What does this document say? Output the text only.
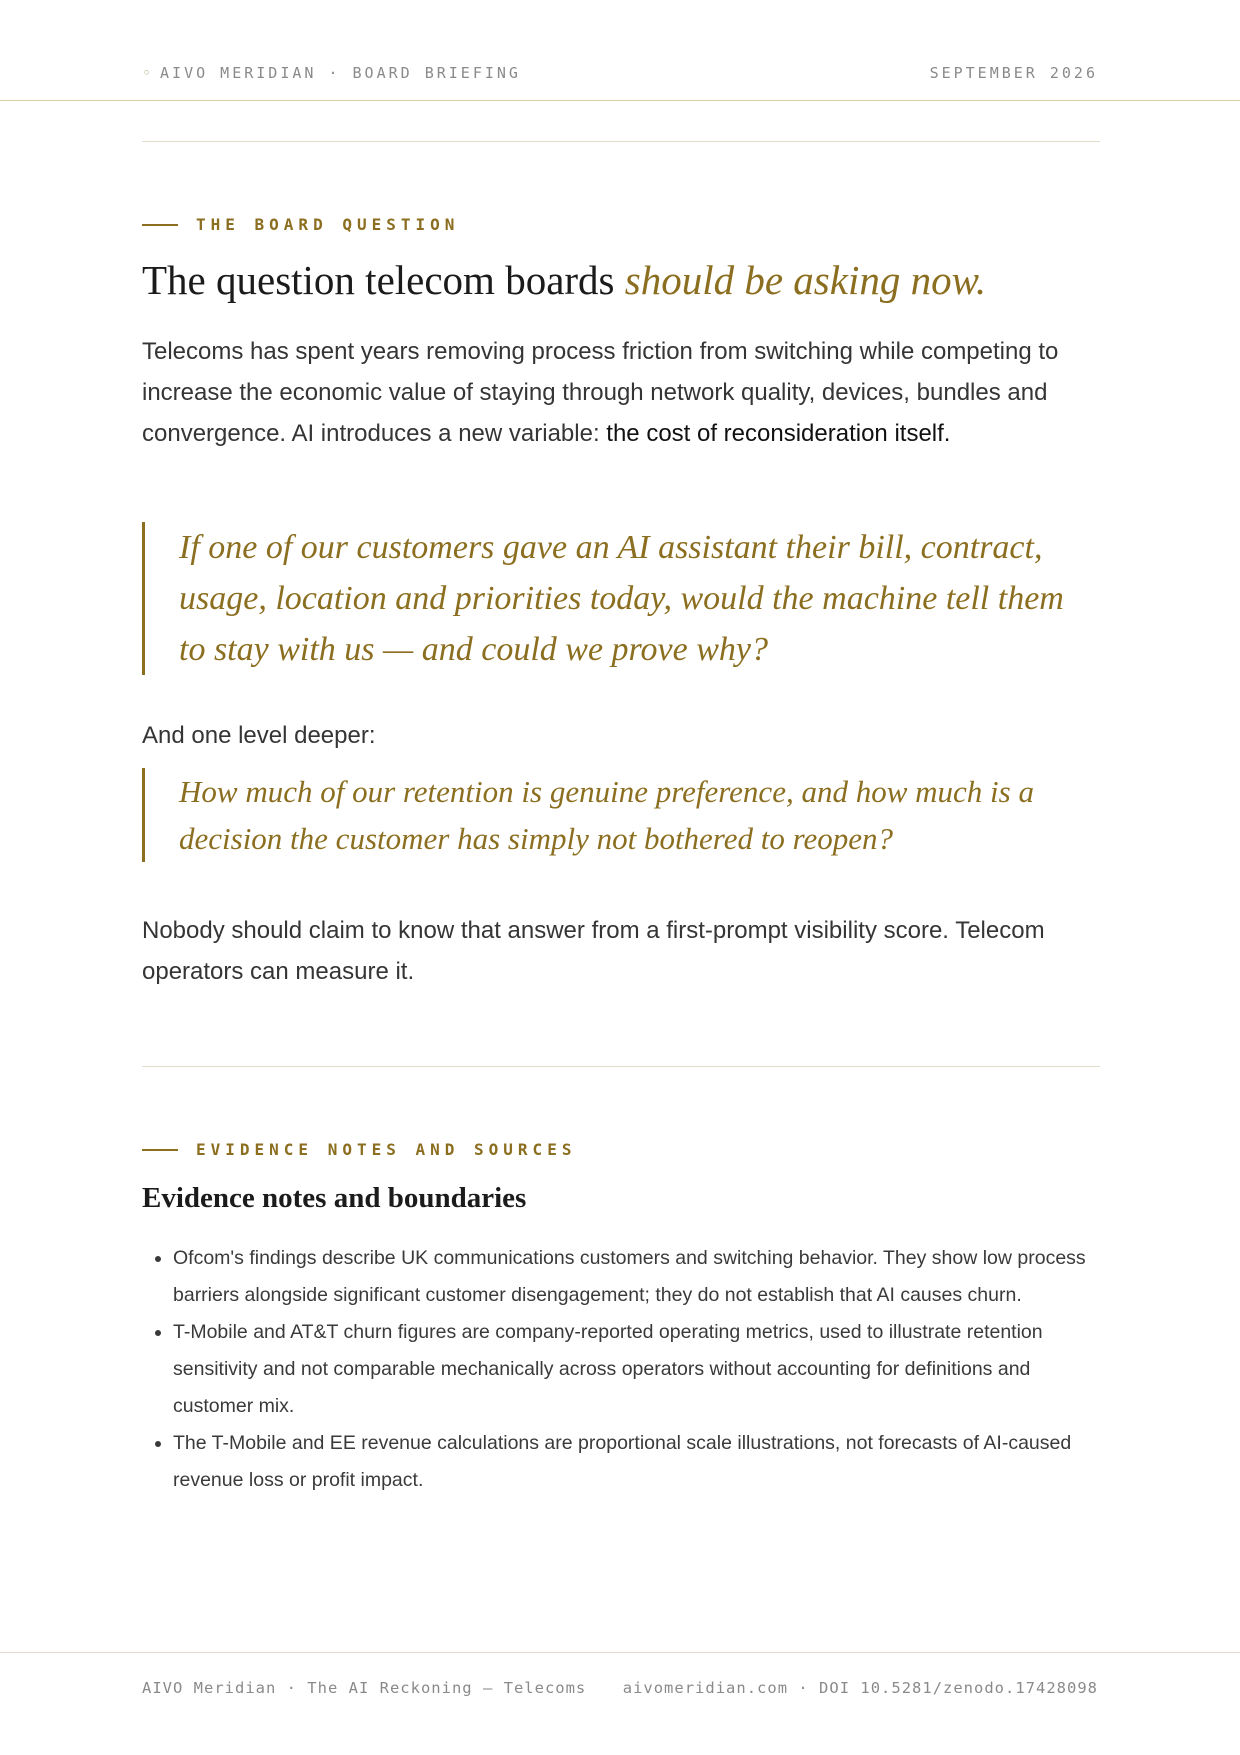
◦ AIVO MERIDIAN · BOARD BRIEFING	SEPTEMBER 2026
THE BOARD QUESTION
The question telecom boards should be asking now.

Telecoms has spent years removing process friction from switching while competing to increase the economic value of staying through network quality, devices, bundles and convergence. AI introduces a new variable: the cost of reconsideration itself.

If one of our customers gave an AI assistant their bill, contract, usage, location and priorities today, would the machine tell them to stay with us — and could we prove why?

And one level deeper:

How much of our retention is genuine preference, and how much is a decision the customer has simply not bothered to reopen?

Nobody should claim to know that answer from a first-prompt visibility score. Telecom operators can measure it.

EVIDENCE NOTES AND SOURCES
Evidence notes and boundaries
• Ofcom's findings describe UK communications customers and switching behavior. They show low process barriers alongside significant customer disengagement; they do not establish that AI causes churn.
• T-Mobile and AT&T churn figures are company-reported operating metrics, used to illustrate retention sensitivity and not comparable mechanically across operators without accounting for definitions and customer mix.
• The T-Mobile and EE revenue calculations are proportional scale illustrations, not forecasts of AI-caused revenue loss or profit impact.
AIVO Meridian · The AI Reckoning — Telecoms aivomeridian.com · DOI 10.5281/zenodo.17428098
